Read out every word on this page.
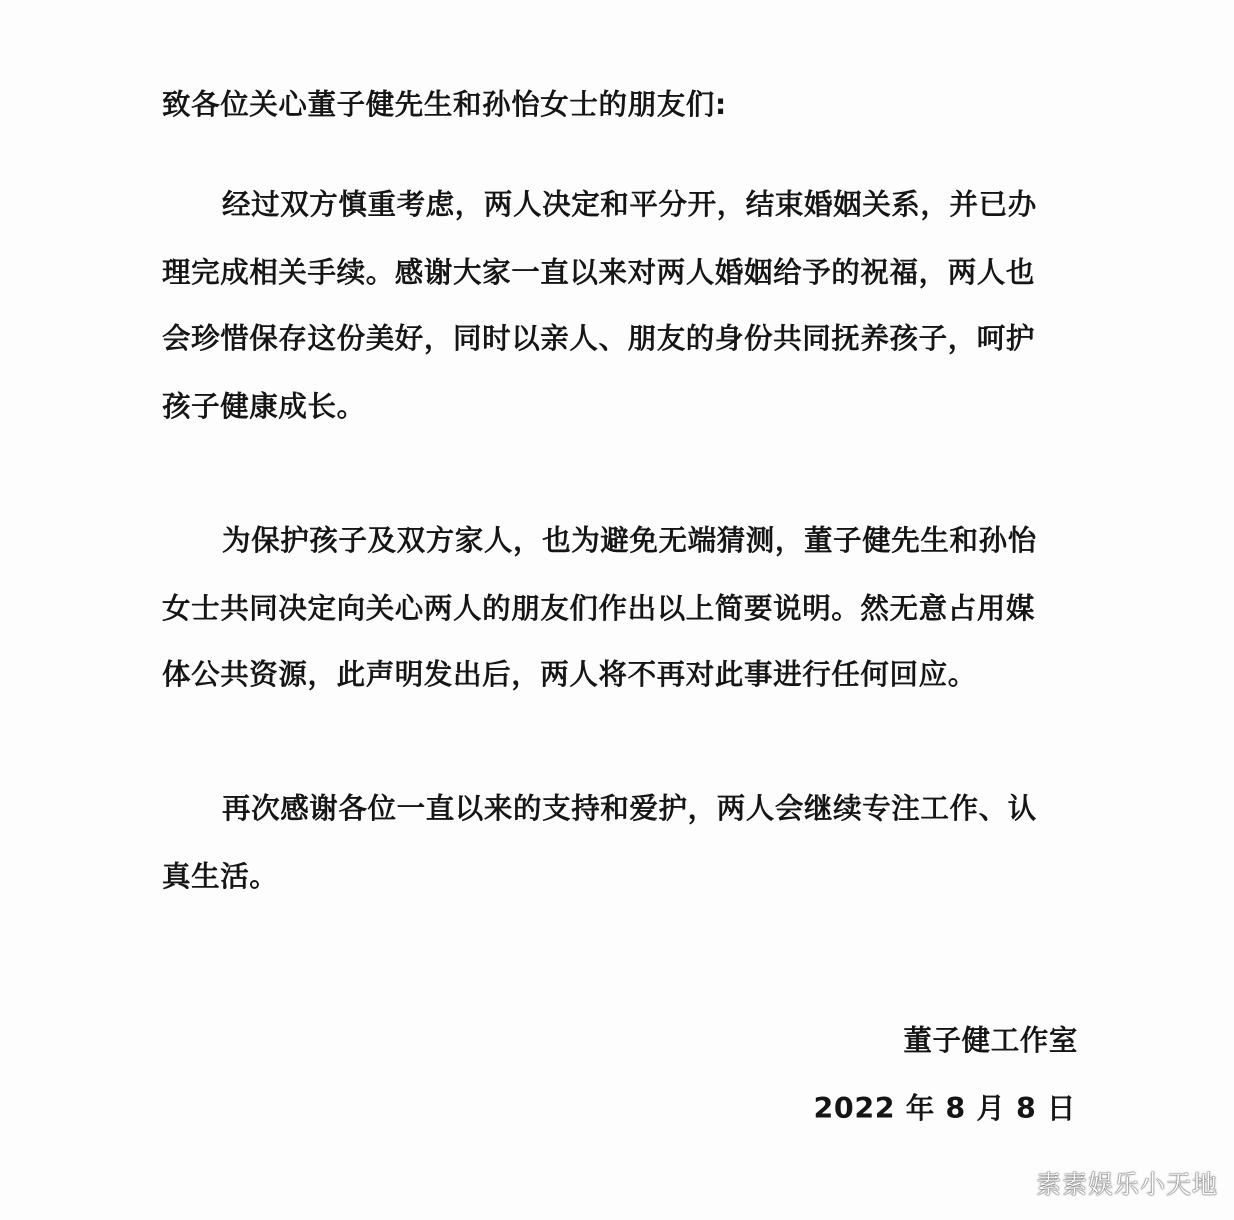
致各位关心董子健先生和孙怡女士的朋友们:
经过双方慎重考虑，两人决定和平分开，结束婚姻关系，并已办
理完成相关手续。感谢大家一直以来对两人婚姻给予的祝福，两人也
会珍惜保存这份美好，同时以亲人、朋友的身份共同抚养孩子，呵护
孩子健康成长。
为保护孩子及双方家人，也为避免无端猜测，董子健先生和孙怡
女士共同决定向关心两人的朋友们作出以上简要说明。然无意占用媒
体公共资源，此声明发出后，两人将不再对此事进行任何回应。
再次感谢各位一直以来的支持和爱护，两人会继续专注工作、认
真生活。
董子健工作室
2022 年 8 月 8 日
素素娱乐小天地
